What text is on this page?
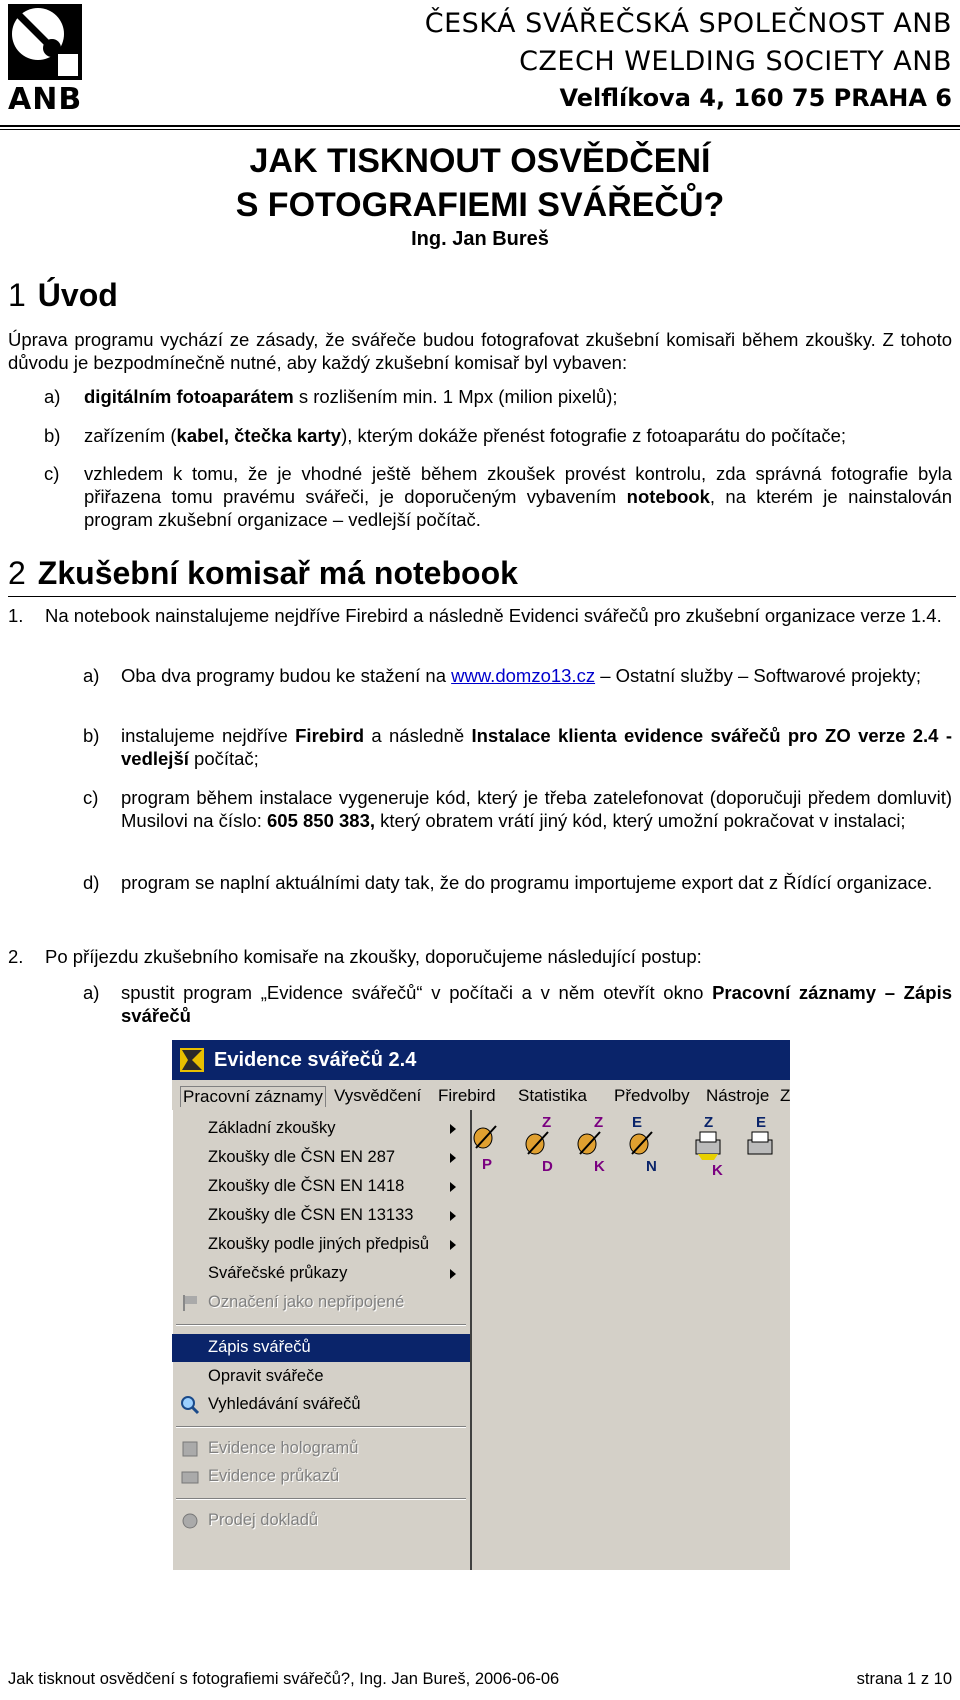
ANB
ČESKÁ SVÁŘEČSKÁ SPOLEČNOST ANB
CZECH WELDING SOCIETY ANB
Velflíkova 4, 160 75 PRAHA 6
JAK TISKNOUT OSVĚDČENÍ
S FOTOGRAFIEMI SVÁŘEČŮ?
Ing. Jan Bureš
1 Úvod
Úprava programu vychází ze zásady, že svářeče budou fotografovat zkušební komisaři během zkoušky. Z tohoto důvodu je bezpodmínečně nutné, aby každý zkušební komisař byl vybaven:
a) digitálním fotoaparátem s rozlišením min. 1 Mpx (milion pixelů);
b) zařízením (kabel, čtečka karty), kterým dokáže přenést fotografie z fotoaparátu do počítače;
c) vzhledem k tomu, že je vhodné ještě během zkoušek provést kontrolu, zda správná fotografie byla přiřazena tomu pravému svářeči, je doporučeným vybavením notebook, na kterém je nainstalován program zkušební organizace – vedlejší počítač.
2 Zkušební komisař má notebook
1. Na notebook nainstalujeme nejdříve Firebird a následně Evidenci svářečů pro zkušební organizace verze 1.4.
a) Oba dva programy budou ke stažení na www.domzo13.cz – Ostatní služby – Softwarové projekty;
b) instalujeme nejdříve Firebird a následně Instalace klienta evidence svářečů pro ZO verze 2.4 - vedlejší počítač;
c) program během instalace vygeneruje kód, který je třeba zatelefonovat (doporučuji předem domluvit) Musilovi na číslo: 605 850 383, který obratem vrátí jiný kód, který umožní pokračovat v instalaci;
d) program se naplní aktuálními daty tak, že do programu importujeme export dat z Řídící organizace.
2. Po příjezdu zkušebního komisaře na zkoušky, doporučujeme následující postup:
a) spustit program „Evidence svářečů“ v počítači a v něm otevřít okno Pracovní záznamy – Zápis svářečů
Evidence svářečů 2.4
Pracovní záznamy Vysvědčení Firebird Statistika Předvolby Nástroje Z
P
Z
D
Z
K
E
N
Z
K
E
Základní zkoušky
Zkoušky dle ČSN EN 287
Zkoušky dle ČSN EN 1418
Zkoušky dle ČSN EN 13133
Zkoušky podle jiných předpisů
Svářečské průkazy
Označení jako nepřipojené
Zápis svářečů
Opravit svářeče
Vyhledávání svářečů
Evidence hologramů
Evidence průkazů
Prodej dokladů
Jak tisknout osvědčení s fotografiemi svářečů?, Ing. Jan Bureš, 2006-06-06	strana 1 z 10
